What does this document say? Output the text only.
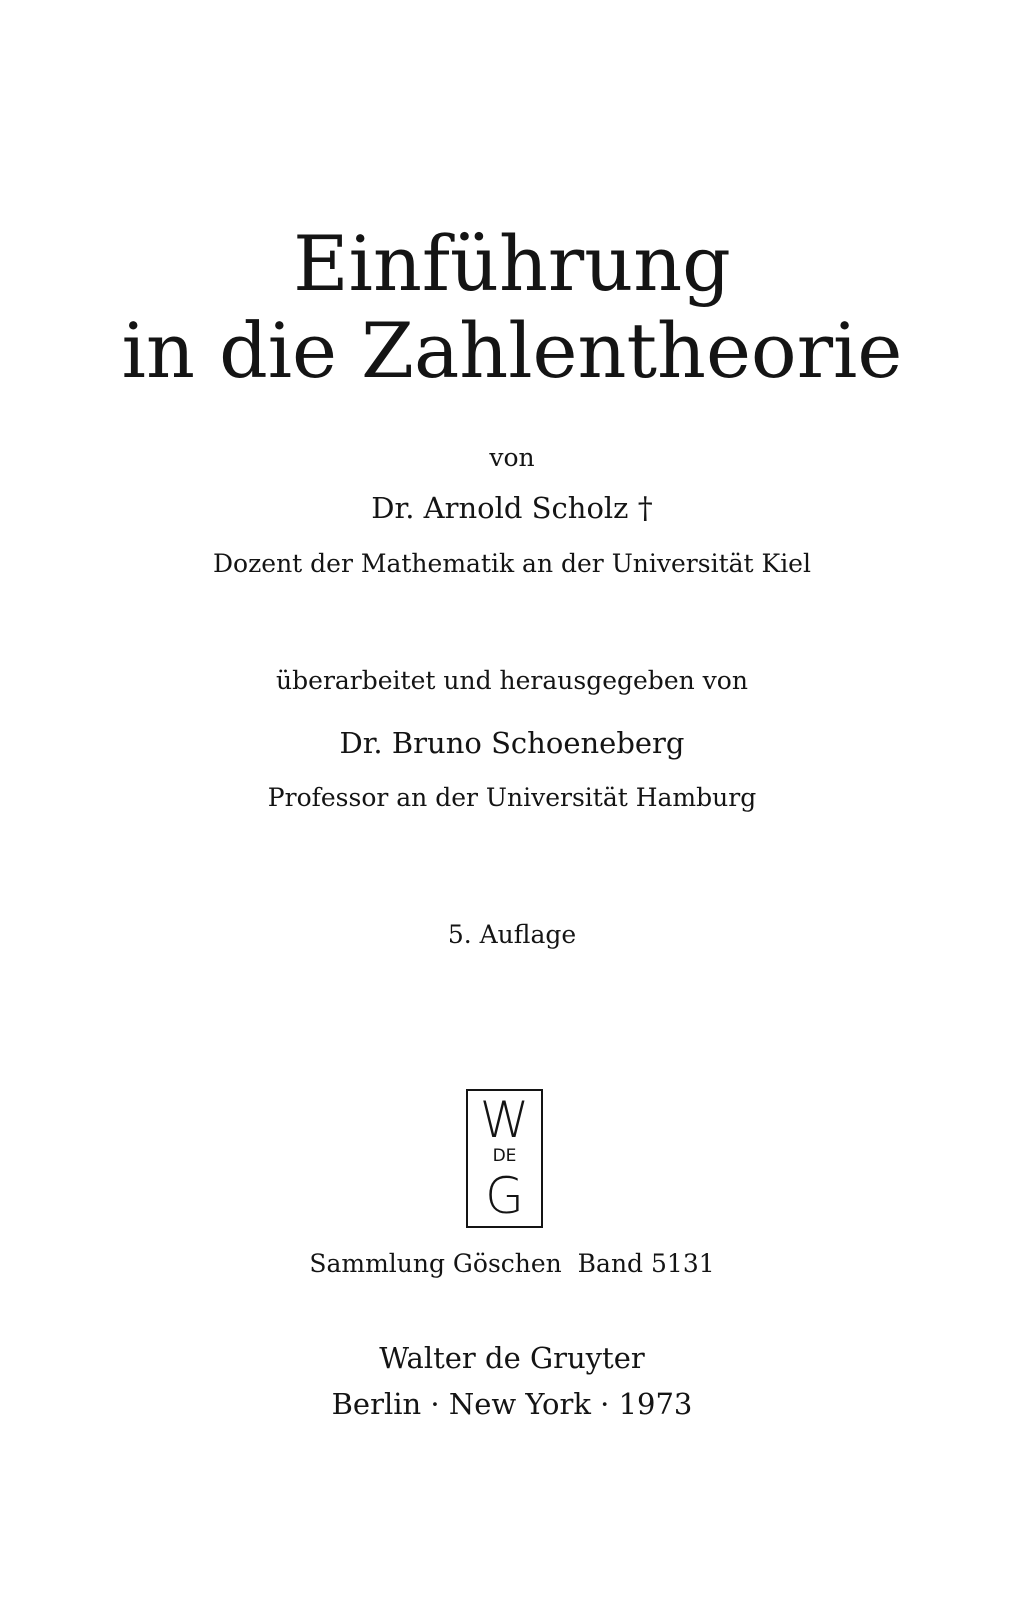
Einführung
in die Zahlentheorie
von
Dr. Arnold Scholz †
Dozent der Mathematik an der Universität Kiel
überarbeitet und herausgegeben von
Dr. Bruno Schoeneberg
Professor an der Universität Hamburg
5. Auflage
W
DE
G
Sammlung Göschen  Band 5131
Walter de Gruyter
Berlin · New York · 1973
